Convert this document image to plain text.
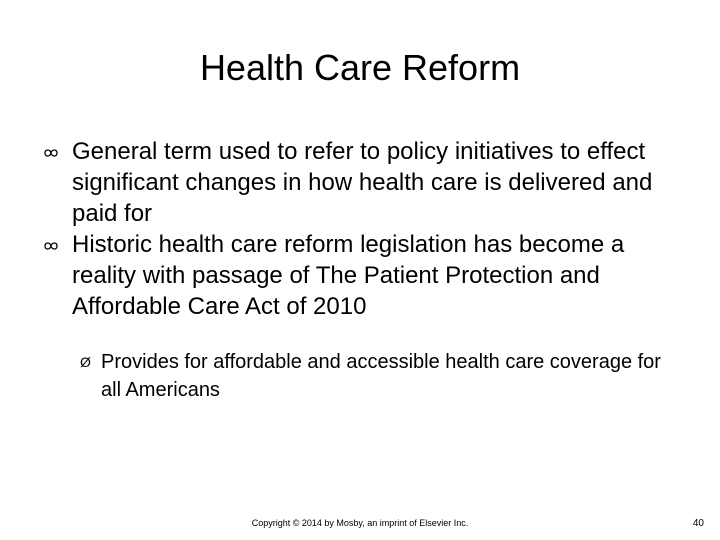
Health Care Reform
General term used to refer to policy initiatives to effect significant changes in how health care is delivered and paid for
Historic health care reform legislation has become a reality with passage of The Patient Protection and Affordable Care Act of 2010
Ø Provides for affordable and accessible health care coverage for all Americans
Copyright © 2014 by Mosby, an imprint of Elsevier Inc.	40
